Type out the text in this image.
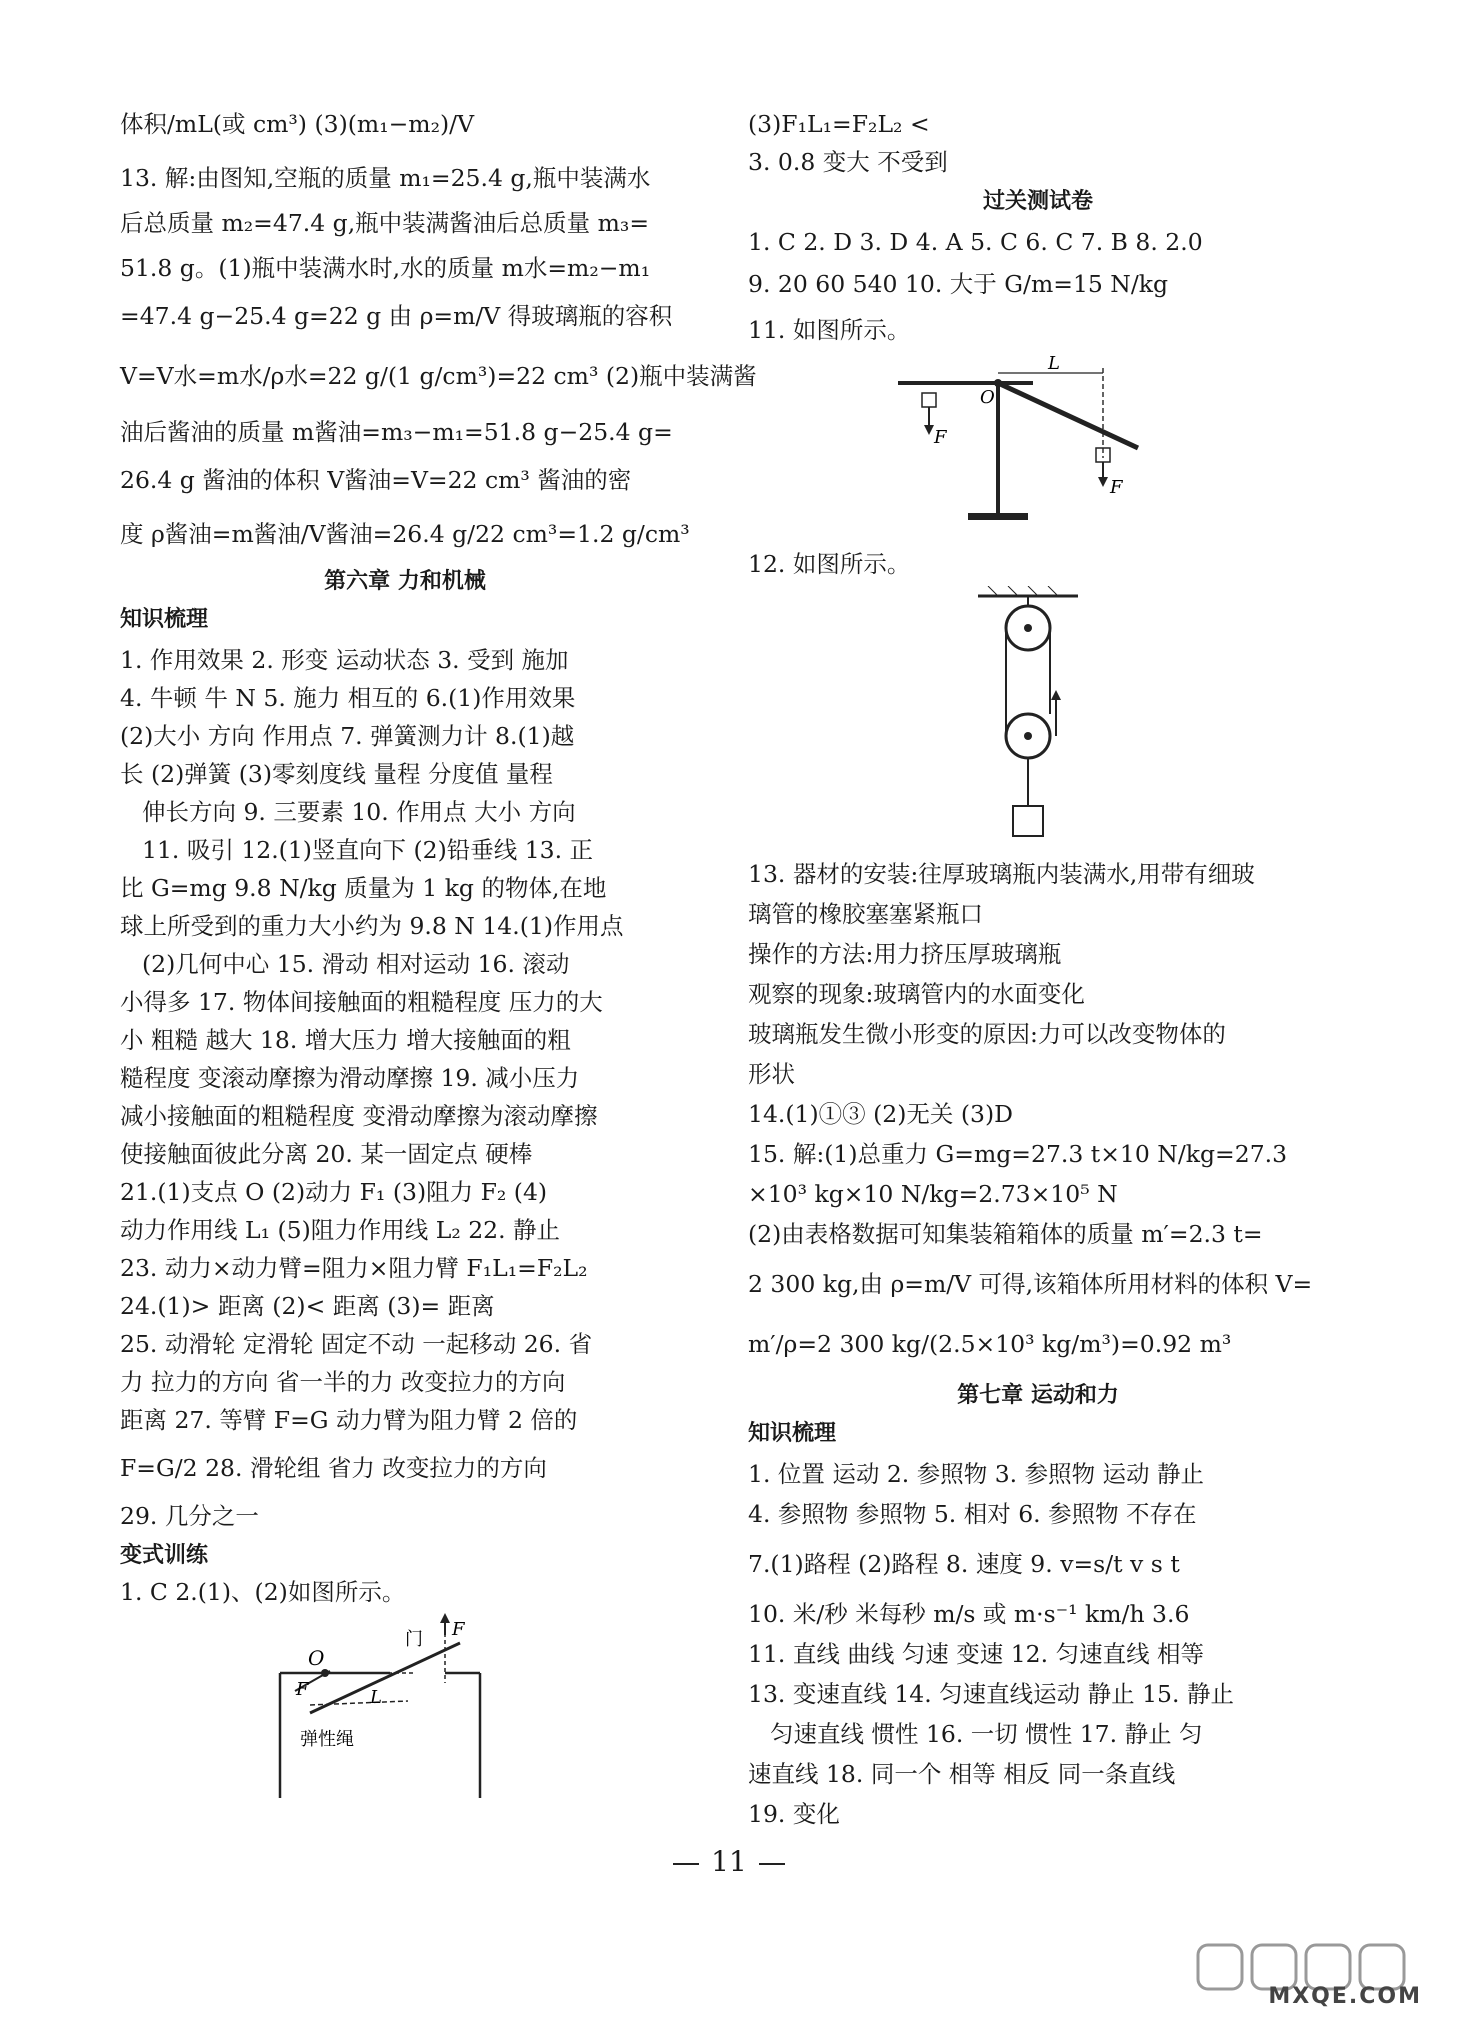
体积/mL(或 cm³) (3)(m₁−m₂)/V
13. 解:由图知,空瓶的质量 m₁=25.4 g,瓶中装满水
后总质量 m₂=47.4 g,瓶中装满酱油后总质量 m₃=
51.8 g。(1)瓶中装满水时,水的质量 m水=m₂−m₁
=47.4 g−25.4 g=22 g 由 ρ=m/V 得玻璃瓶的容积
V=V水=m水/ρ水=22 g/(1 g/cm³)=22 cm³ (2)瓶中装满酱
油后酱油的质量 m酱油=m₃−m₁=51.8 g−25.4 g=
26.4 g 酱油的体积 V酱油=V=22 cm³ 酱油的密
度 ρ酱油=m酱油/V酱油=26.4 g/22 cm³=1.2 g/cm³
第六章 力和机械
知识梳理
1. 作用效果 2. 形变 运动状态 3. 受到 施加
4. 牛顿 牛 N 5. 施力 相互的 6.(1)作用效果
(2)大小 方向 作用点 7. 弹簧测力计 8.(1)越
长 (2)弹簧 (3)零刻度线 量程 分度值 量程
伸长方向 9. 三要素 10. 作用点 大小 方向
11. 吸引 12.(1)竖直向下 (2)铅垂线 13. 正
比 G=mg 9.8 N/kg 质量为 1 kg 的物体,在地
球上所受到的重力大小约为 9.8 N 14.(1)作用点
(2)几何中心 15. 滑动 相对运动 16. 滚动
小得多 17. 物体间接触面的粗糙程度 压力的大
小 粗糙 越大 18. 增大压力 增大接触面的粗
糙程度 变滚动摩擦为滑动摩擦 19. 减小压力
减小接触面的粗糙程度 变滑动摩擦为滚动摩擦
使接触面彼此分离 20. 某一固定点 硬棒
21.(1)支点 O (2)动力 F₁ (3)阻力 F₂ (4)
动力作用线 L₁ (5)阻力作用线 L₂ 22. 静止
23. 动力×动力臂=阻力×阻力臂 F₁L₁=F₂L₂
24.(1)> 距离 (2)< 距离 (3)= 距离
25. 动滑轮 定滑轮 固定不动 一起移动 26. 省
力 拉力的方向 省一半的力 改变拉力的方向
距离 27. 等臂 F=G 动力臂为阻力臂 2 倍的
F=G/2 28. 滑轮组 省力 改变拉力的方向
29. 几分之一
变式训练
1. C 2.(1)、(2)如图所示。
O
F	L
F
门
弹性绳
(3)F₁L₁=F₂L₂ <
3. 0.8 变大 不受到
过关测试卷
1. C 2. D 3. D 4. A 5. C 6. C 7. B 8. 2.0
9. 20 60 540 10. 大于 G/m=15 N/kg
11. 如图所示。
O
L
F
F
12. 如图所示。
13. 器材的安装:往厚玻璃瓶内装满水,用带有细玻
璃管的橡胶塞塞紧瓶口
操作的方法:用力挤压厚玻璃瓶
观察的现象:玻璃管内的水面变化
玻璃瓶发生微小形变的原因:力可以改变物体的
形状
14.(1)①③ (2)无关 (3)D
15. 解:(1)总重力 G=mg=27.3 t×10 N/kg=27.3
×10³ kg×10 N/kg=2.73×10⁵ N
(2)由表格数据可知集装箱箱体的质量 m′=2.3 t=
2 300 kg,由 ρ=m/V 可得,该箱体所用材料的体积 V=
m′/ρ=2 300 kg/(2.5×10³ kg/m³)=0.92 m³
第七章 运动和力
知识梳理
1. 位置 运动 2. 参照物 3. 参照物 运动 静止
4. 参照物 参照物 5. 相对 6. 参照物 不存在
7.(1)路程 (2)路程 8. 速度 9. v=s/t v s t
10. 米/秒 米每秒 m/s 或 m·s⁻¹ km/h 3.6
11. 直线 曲线 匀速 变速 12. 匀速直线 相等
13. 变速直线 14. 匀速直线运动 静止 15. 静止
匀速直线 惯性 16. 一切 惯性 17. 静止 匀
速直线 18. 同一个 相等 相反 同一条直线
19. 变化
11
MXQE.COM
